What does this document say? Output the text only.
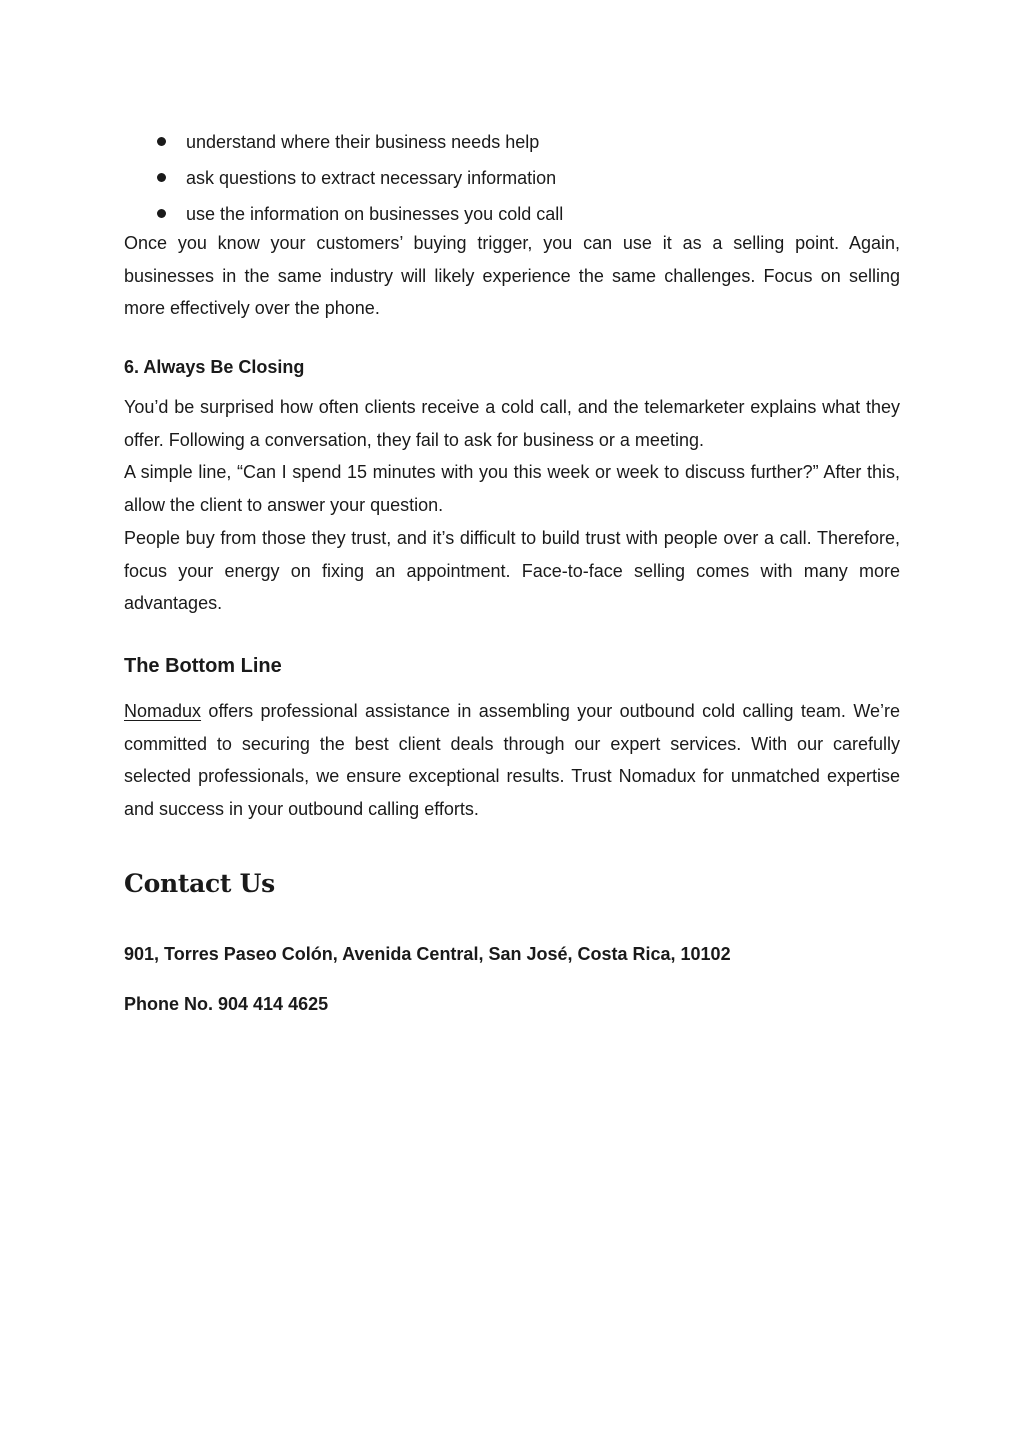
understand where their business needs help
ask questions to extract necessary information
use the information on businesses you cold call

Once you know your customers’ buying trigger, you can use it as a selling point. Again, businesses in the same industry will likely experience the same challenges. Focus on selling more effectively over the phone.

6. Always Be Closing

You’d be surprised how often clients receive a cold call, and the telemarketer explains what they offer. Following a conversation, they fail to ask for business or a meeting.

A simple line, “Can I spend 15 minutes with you this week or week to discuss further?” After this, allow the client to answer your question.

People buy from those they trust, and it’s difficult to build trust with people over a call. Therefore, focus your energy on fixing an appointment. Face-to-face selling comes with many more advantages.

The Bottom Line

Nomadux offers professional assistance in assembling your outbound cold calling team. We’re committed to securing the best client deals through our expert services. With our carefully selected professionals, we ensure exceptional results. Trust Nomadux for unmatched expertise and success in your outbound calling efforts.

Contact Us

901, Torres Paseo Colón, Avenida Central, San José, Costa Rica, 10102

Phone No. 904 414 4625
